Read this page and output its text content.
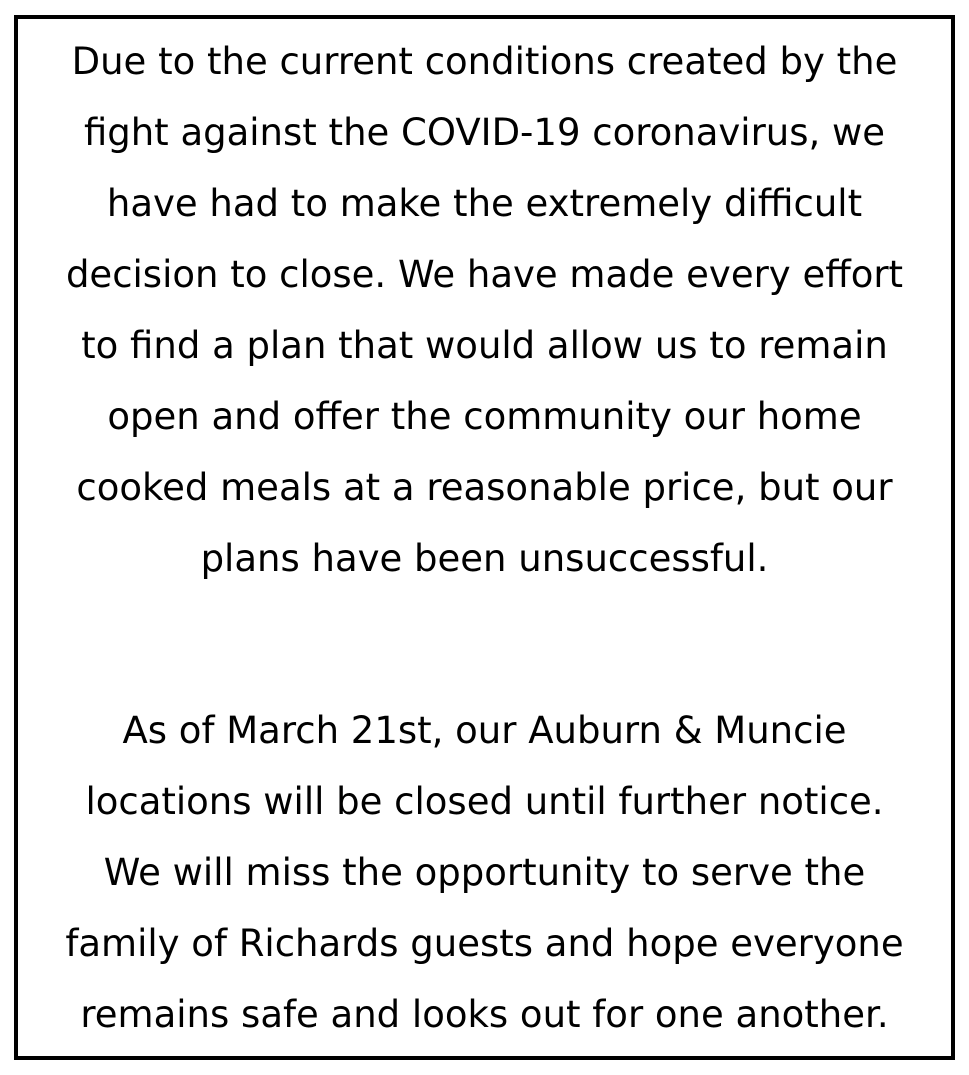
Due to the current conditions created by the
fight against the COVID-19 coronavirus, we
have had to make the extremely difficult
decision to close. We have made every effort
to find a plan that would allow us to remain
open and offer the community our home
cooked meals at a reasonable price, but our
plans have been unsuccessful.
As of March 21st, our Auburn & Muncie
locations will be closed until further notice.
We will miss the opportunity to serve the
family of Richards guests and hope everyone
remains safe and looks out for one another.
